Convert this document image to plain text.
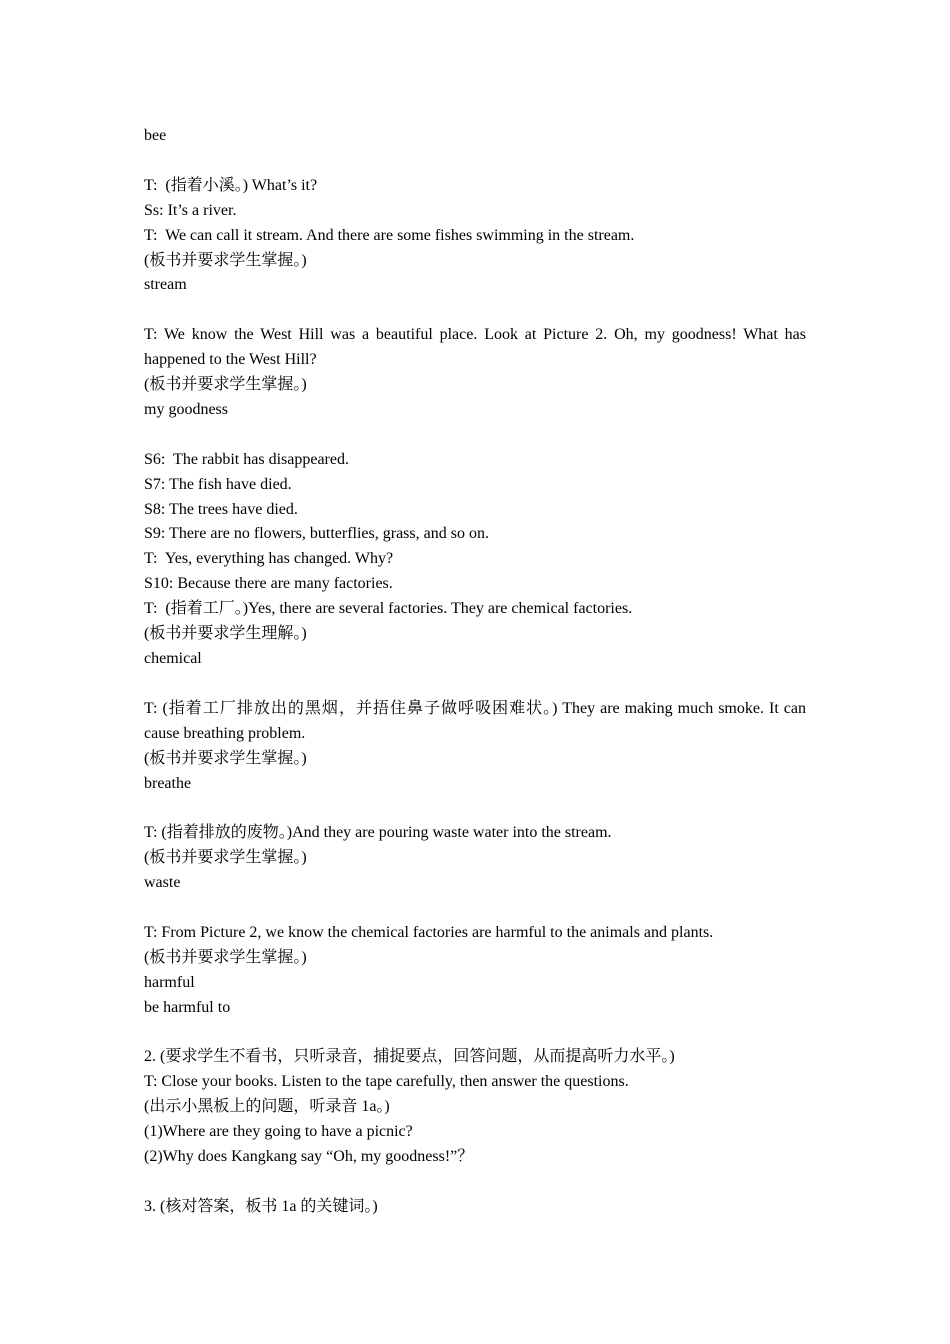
bee
T:  (指着小溪。) What’s it?
Ss: It’s a river.
T:  We can call it stream. And there are some fishes swimming in the stream.
(板书并要求学生掌握。)
stream
T: We know the West Hill was a beautiful place. Look at Picture 2. Oh, my goodness! What has happened to the West Hill?
(板书并要求学生掌握。)
my goodness
S6:  The rabbit has disappeared.
S7: The fish have died.
S8: The trees have died.
S9: There are no flowers, butterflies, grass, and so on.
T:  Yes, everything has changed. Why?
S10: Because there are many factories.
T:  (指着工厂。)Yes, there are several factories. They are chemical factories.
(板书并要求学生理解。)
chemical
T: (指着工厂排放出的黑烟，并捂住鼻子做呼吸困难状。) They are making much smoke. It can cause breathing problem.
(板书并要求学生掌握。)
breathe
T: (指着排放的废物。)And they are pouring waste water into the stream.
(板书并要求学生掌握。)
waste
T: From Picture 2, we know the chemical factories are harmful to the animals and plants.
(板书并要求学生掌握。)
harmful
be harmful to
2. (要求学生不看书，只听录音，捕捉要点，回答问题，从而提高听力水平。)
T: Close your books. Listen to the tape carefully, then answer the questions.
(出示小黑板上的问题，听录音 1a。)
(1)Where are they going to have a picnic?
(2)Why does Kangkang say “Oh, my goodness!”？
3. (核对答案，板书 1a 的关键词。)
